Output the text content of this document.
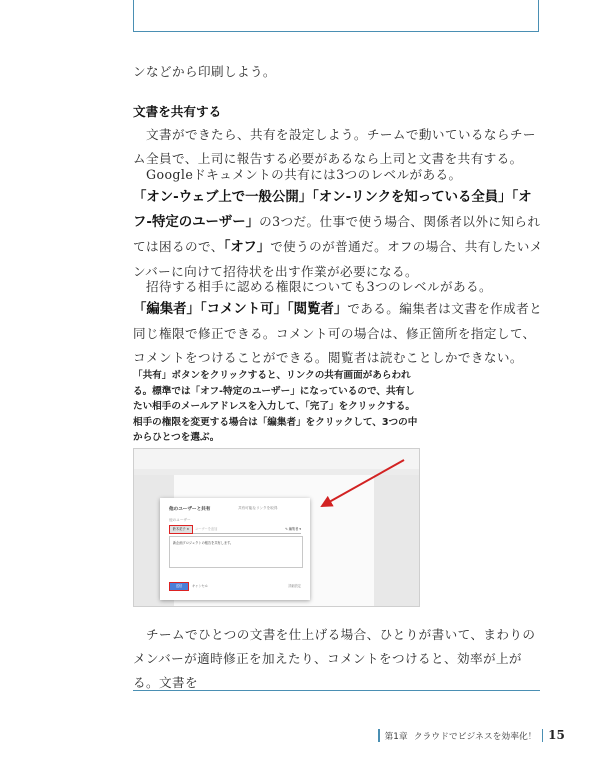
ンなどから印刷しよう。
文書を共有する
文書ができたら、共有を設定しよう。チームで動いているならチーム全員で、上司に報告する必要があるなら上司と文書を共有する。
Googleドキュメントの共有には3つのレベルがある。
「オン-ウェブ上で一般公開」「オン-リンクを知っている全員」「オフ-特定のユーザー」の3つだ。仕事で使う場合、関係者以外に知られては困るので、「オフ」で使うのが普通だ。オフの場合、共有したいメンバーに向けて招待状を出す作業が必要になる。
招待する相手に認める権限についても3つのレベルがある。
「編集者」「コメント可」「閲覧者」である。編集者は文書を作成者と同じ権限で修正できる。コメント可の場合は、修正箇所を指定して、コメントをつけることができる。閲覧者は読むことしかできない。
「共有」ボタンをクリックすると、リンクの共有画面があらわれる。標準では「オフ-特定のユーザー」になっているので、共有したい相手のメールアドレスを入力して、「完了」をクリックする。相手の権限を変更する場合は「編集者」をクリックして、3つの中からひとつを選ぶ。
他のユーザーと共有	共有可能なリンクを取得
他のユーザー
鈴木花子 ×	ユーザーを追加	✎ 編集者 ▾
新企画プロジェクトの報告を共有します。
送信	キャンセル	詳細設定
チームでひとつの文書を仕上げる場合、ひとりが書いて、まわりのメンバーが適時修正を加えたり、コメントをつけると、効率が上がる。文書を
第1章 クラウドでビジネスを効率化！ 15
